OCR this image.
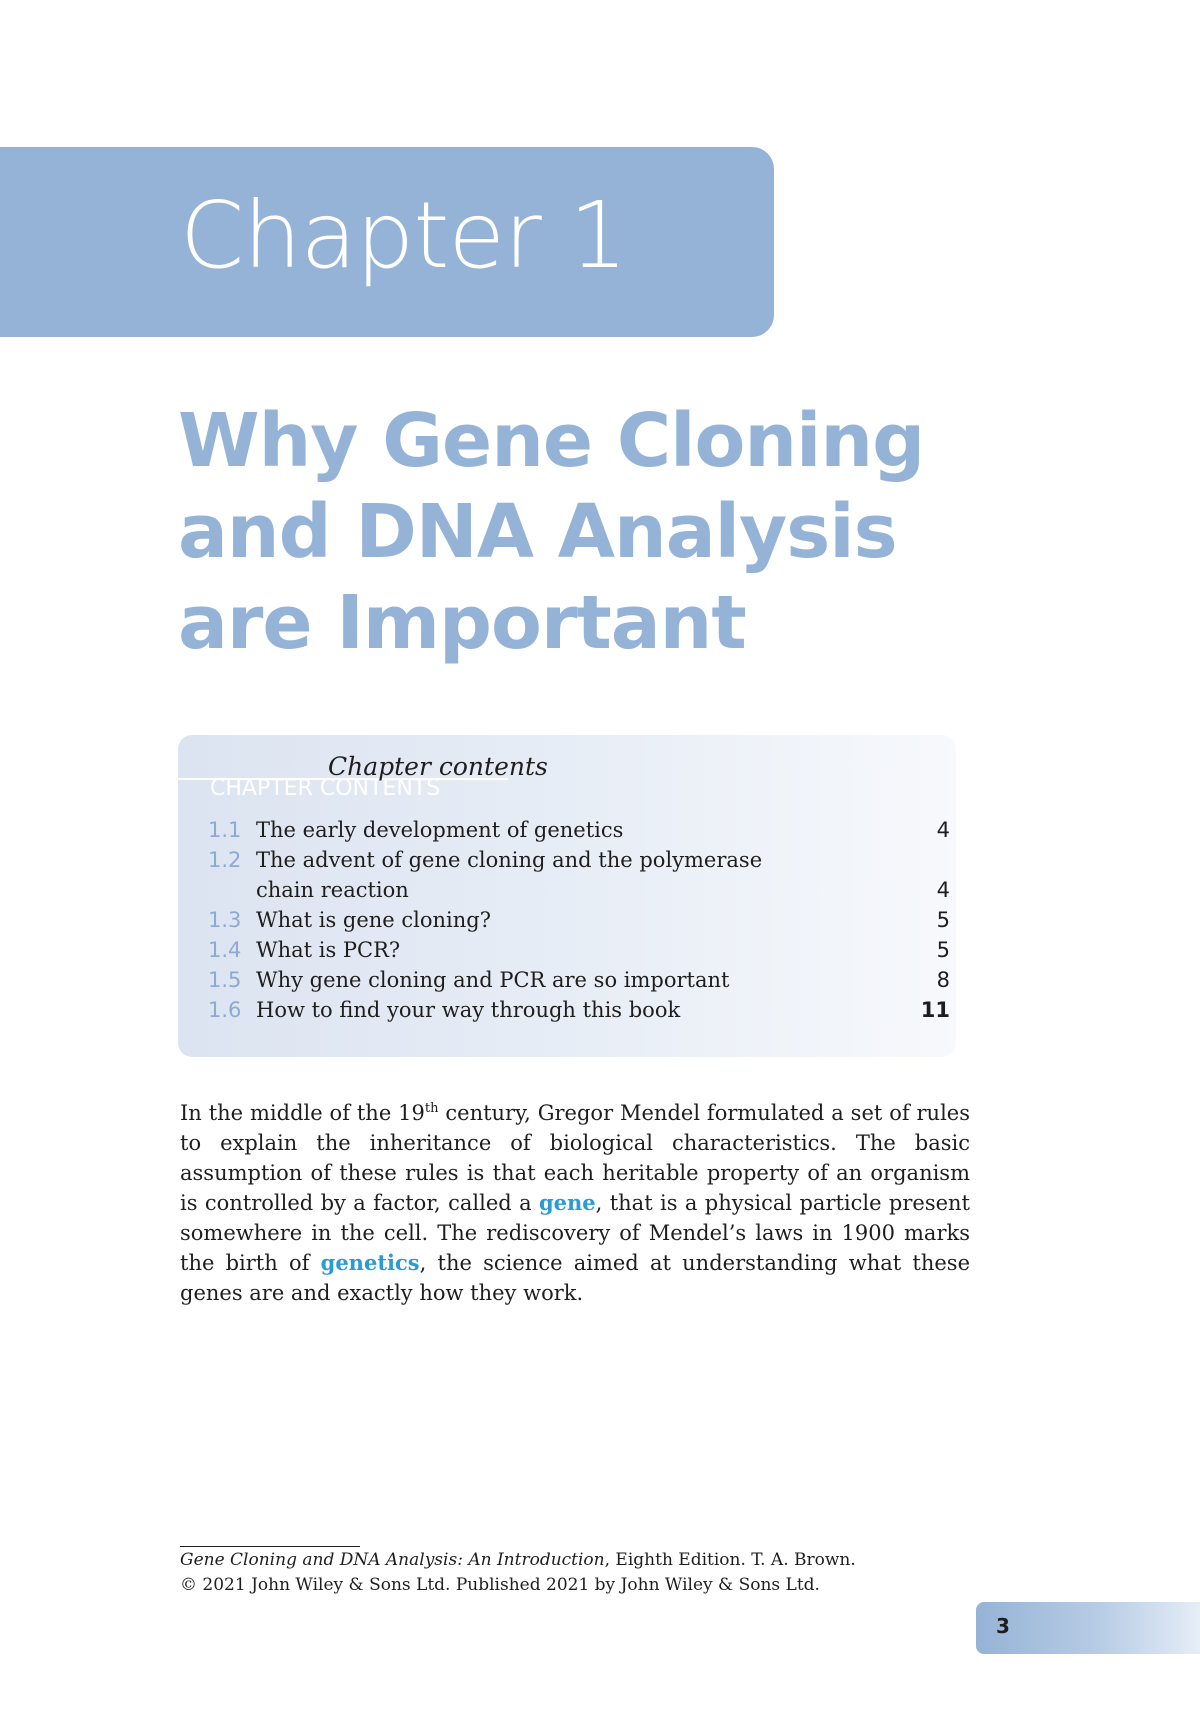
Chapter 1
Why Gene Cloning
and DNA Analysis
are Important
CHAPTER CONTENTS
Chapter contents
1.1 The early development of genetics	4
1.2 The advent of gene cloning and the polymerase
chain reaction	4
1.3 What is gene cloning?	5
1.4 What is PCR?	5
1.5 Why gene cloning and PCR are so important	8
1.6 How to find your way through this book	11
In the middle of the 19th century, Gregor Mendel formulated a set of rules to explain the inheritance of biological characteristics. The basic assumption of these rules is that each heritable property of an organism is controlled by a factor, called a gene, that is a physical particle present somewhere in the cell. The rediscovery of Mendel’s laws in 1900 marks the birth of genetics, the science aimed at understanding what these genes are and exactly how they work.
Gene Cloning and DNA Analysis: An Introduction, Eighth Edition. T. A. Brown.
© 2021 John Wiley & Sons Ltd. Published 2021 by John Wiley & Sons Ltd.
3
